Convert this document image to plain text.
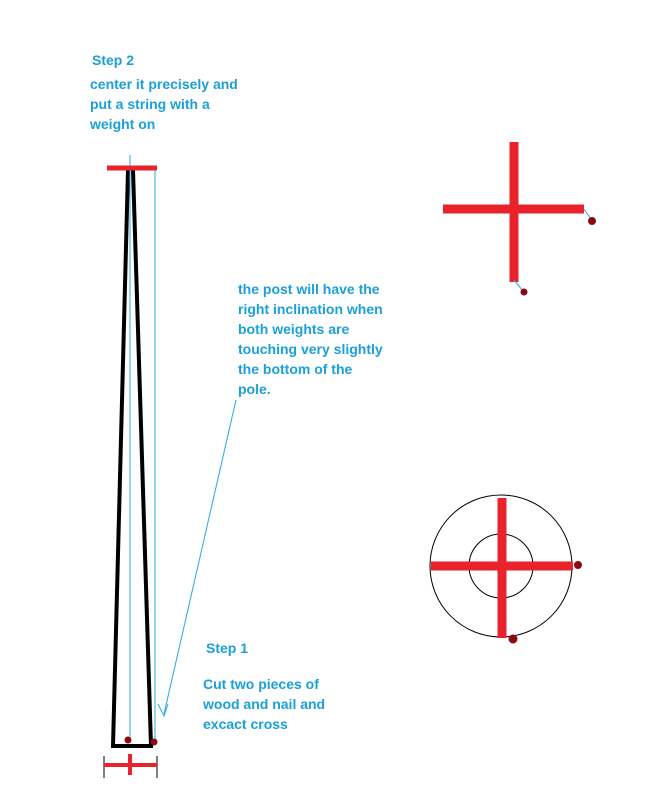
Step 2
center it precisely and
put a string with a
weight on
the post will have the
right inclination when
both weights are
touching very slightly
the bottom of the
pole.
Step 1
Cut two pieces of
wood and nail and
excact cross
